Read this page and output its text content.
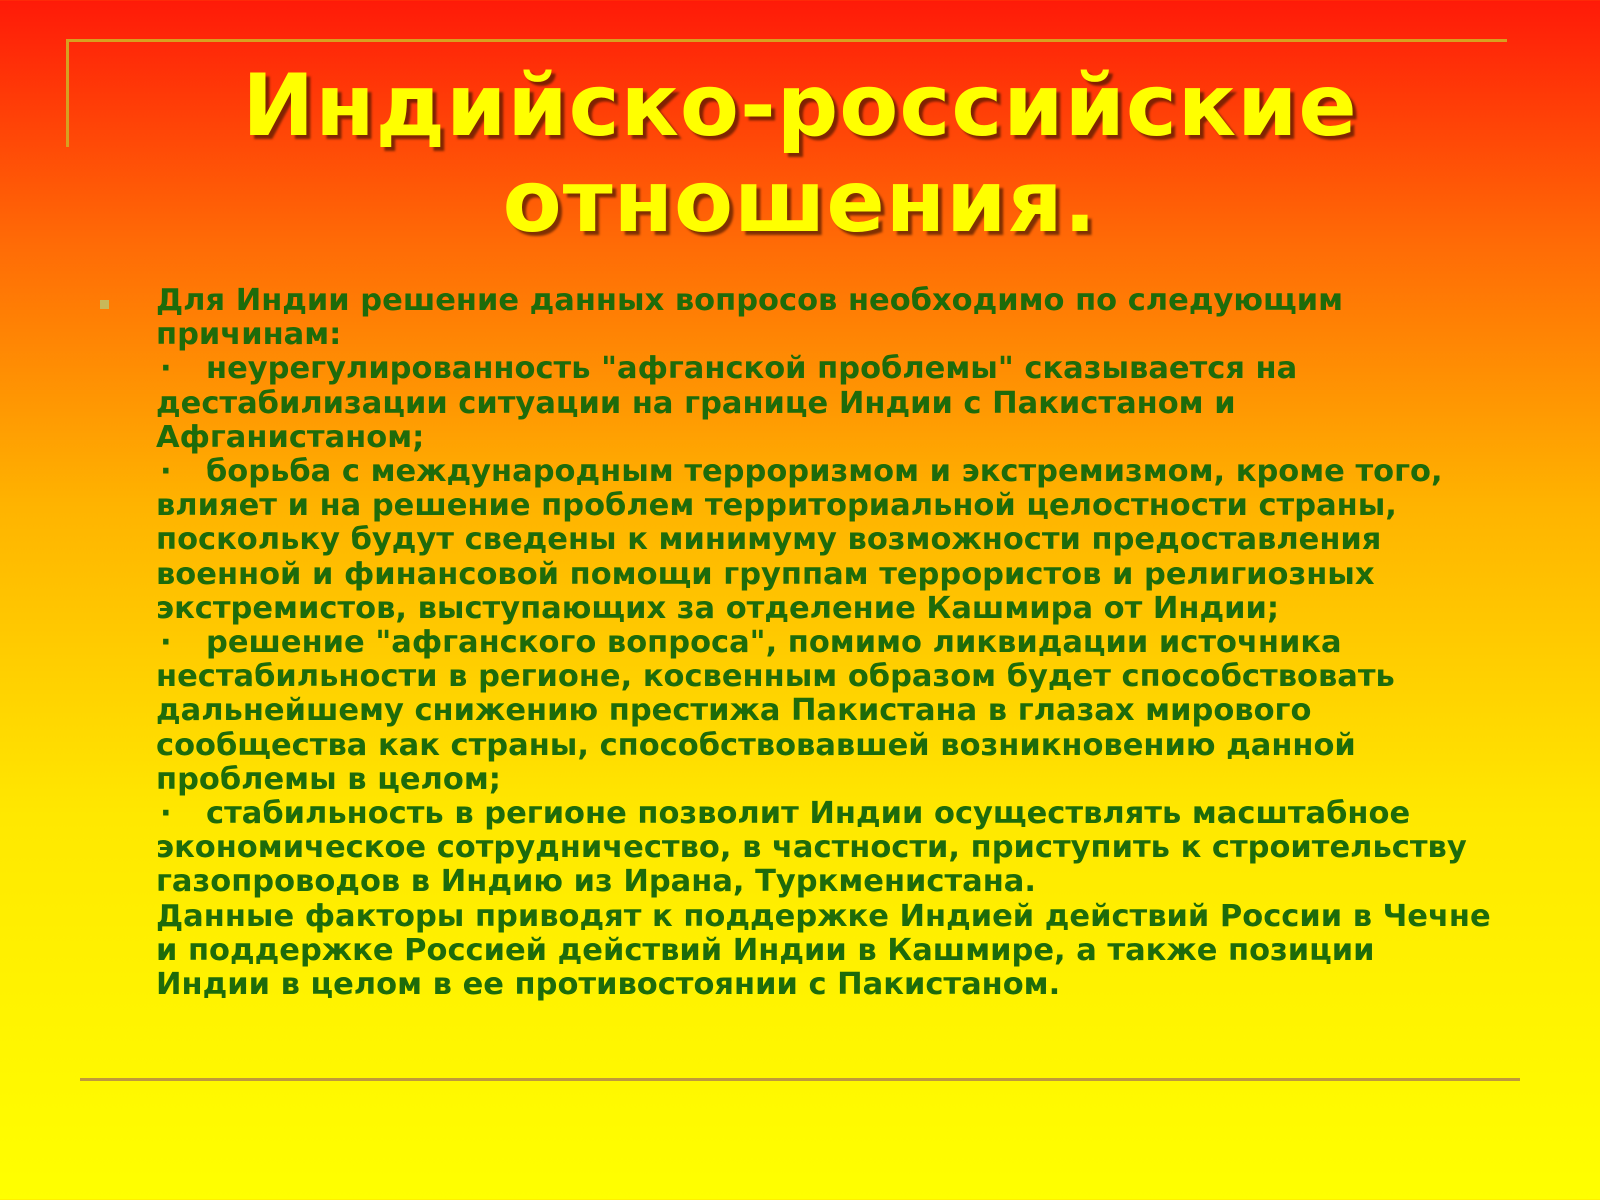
Индийско-российские
отношения.
Для Индии решение данных вопросов необходимо по следующим
причинам:
· неурегулированность "афганской проблемы" сказывается на
дестабилизации ситуации на границе Индии с Пакистаном и
Афганистаном;
· борьба с международным терроризмом и экстремизмом, кроме того,
влияет и на решение проблем территориальной целостности страны,
поскольку будут сведены к минимуму возможности предоставления
военной и финансовой помощи группам террористов и религиозных
экстремистов, выступающих за отделение Кашмира от Индии;
· решение "афганского вопроса", помимо ликвидации источника
нестабильности в регионе, косвенным образом будет способствовать
дальнейшему снижению престижа Пакистана в глазах мирового
сообщества как страны, способствовавшей возникновению данной
проблемы в целом;
· стабильность в регионе позволит Индии осуществлять масштабное
экономическое сотрудничество, в частности, приступить к строительству
газопроводов в Индию из Ирана, Туркменистана.
Данные факторы приводят к поддержке Индией действий России в Чечне
и поддержке Россией действий Индии в Кашмире, а также позиции
Индии в целом в ее противостоянии с Пакистаном.
